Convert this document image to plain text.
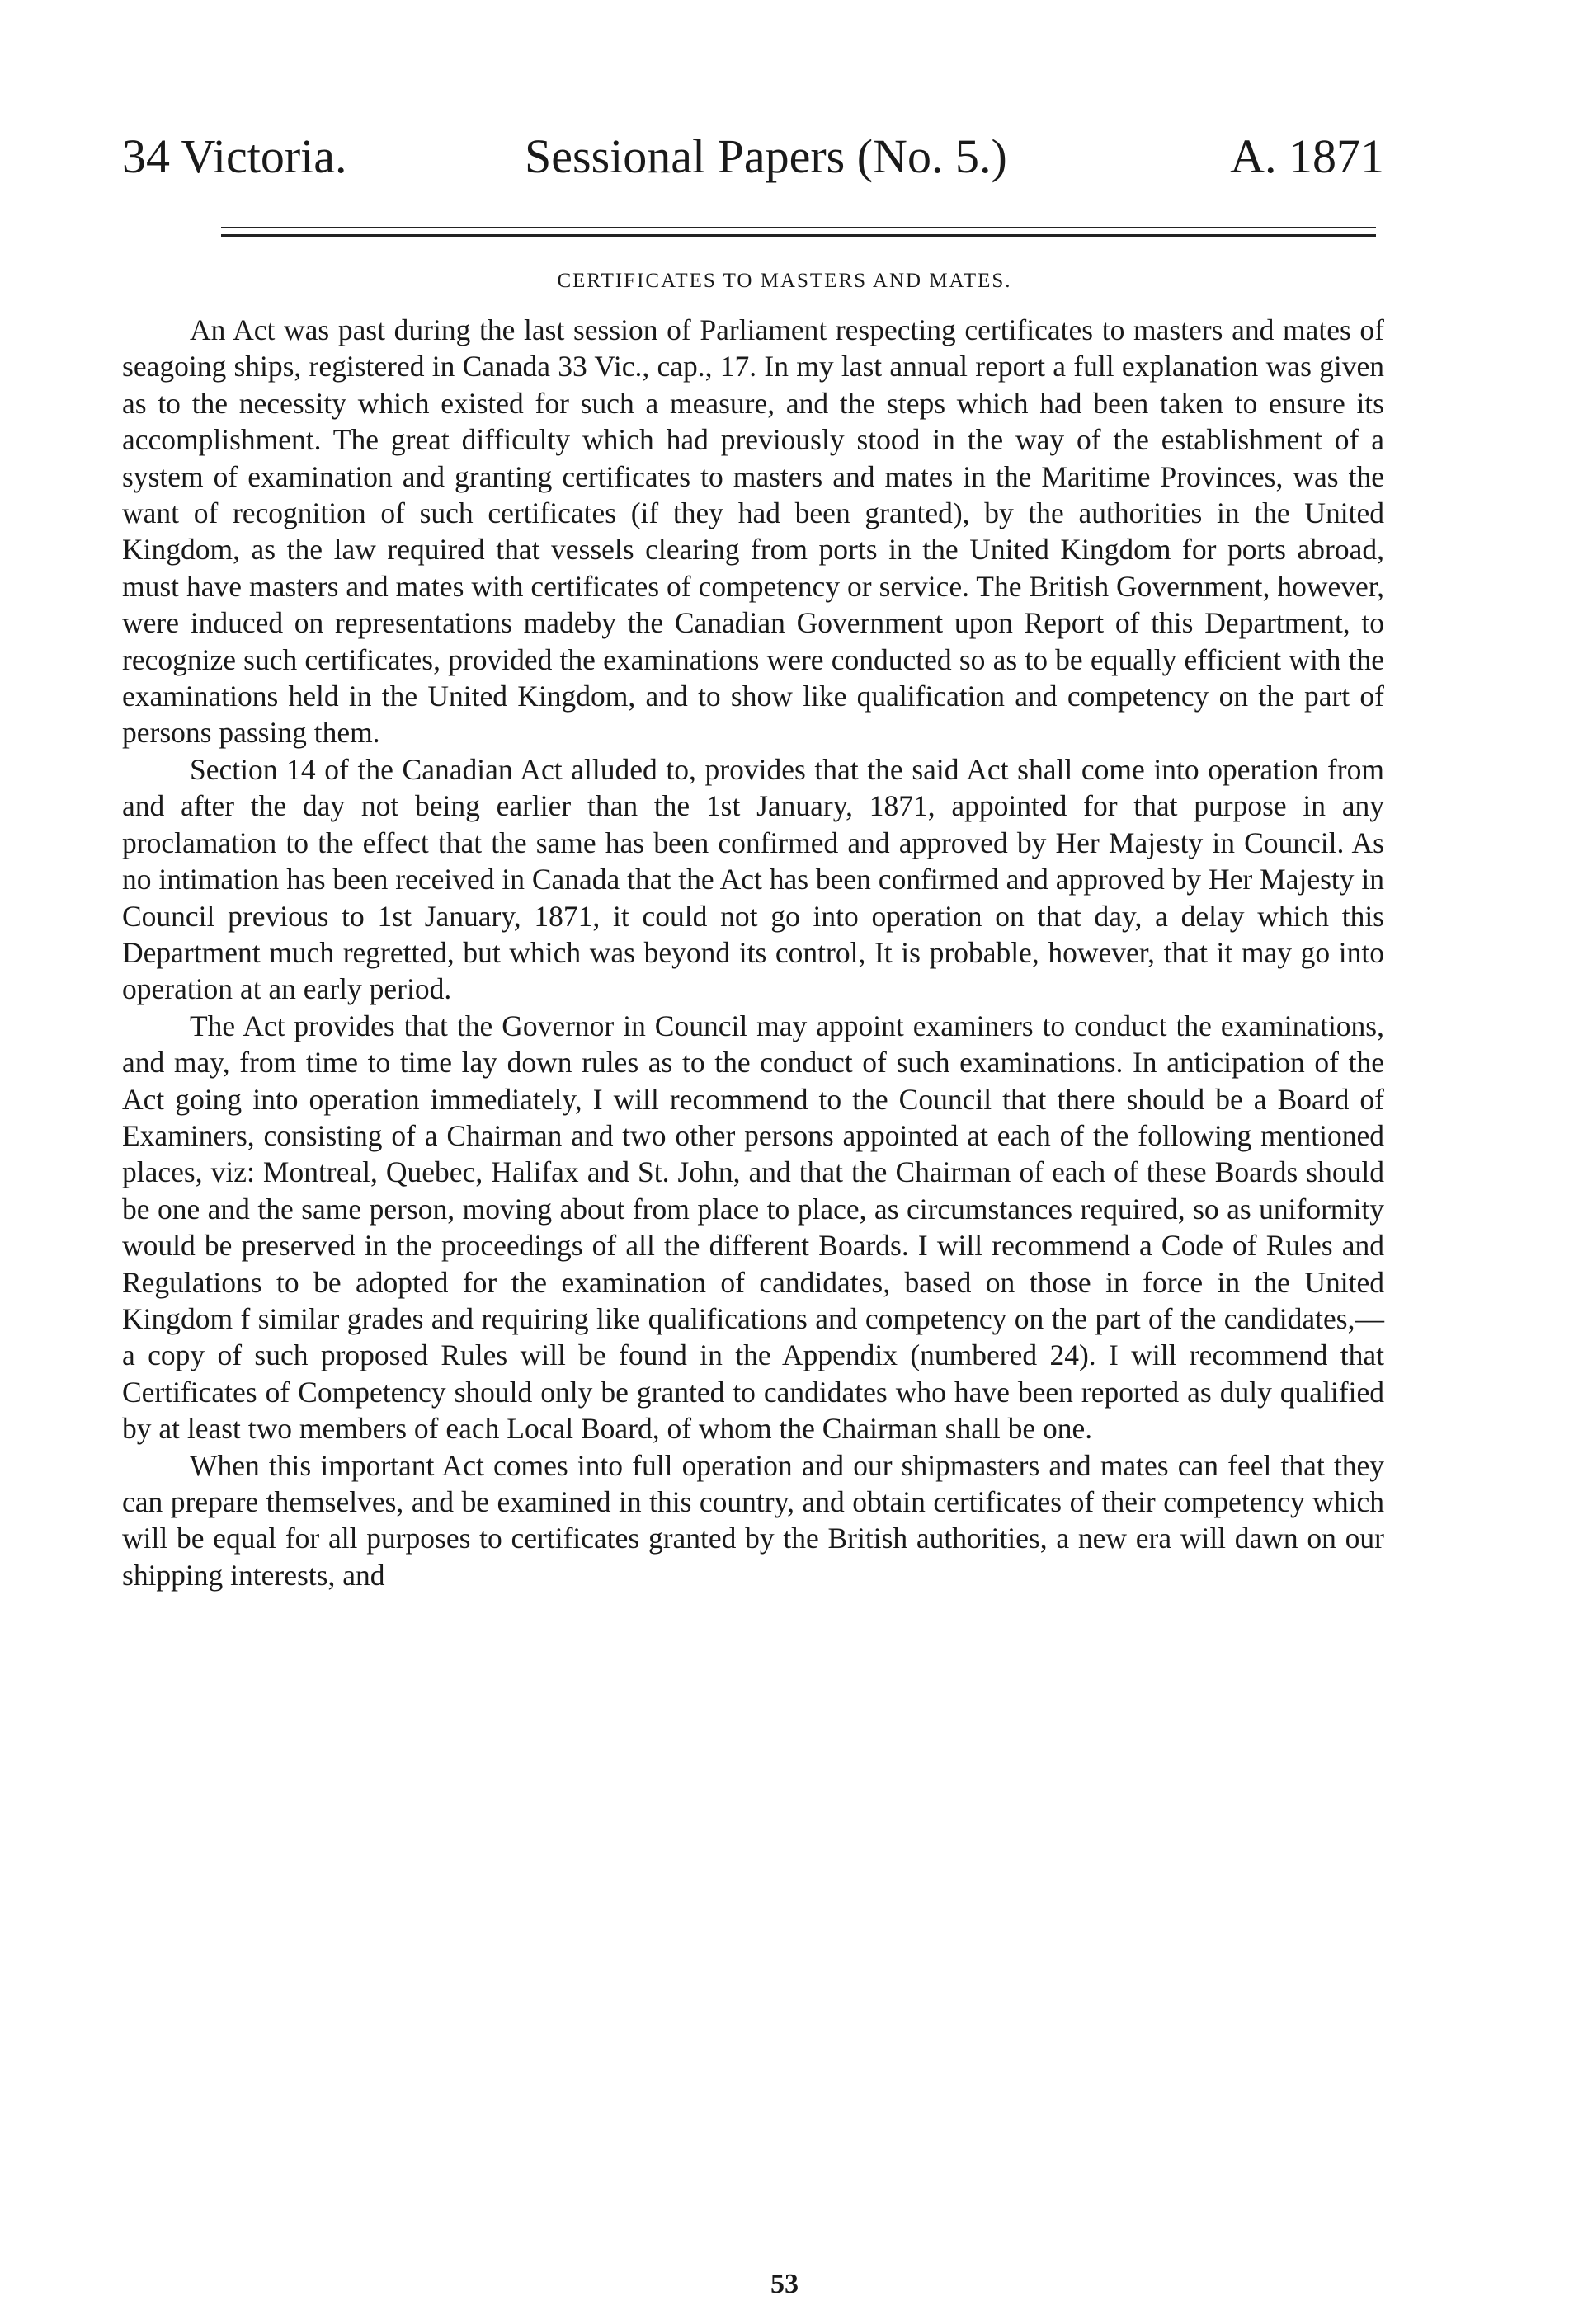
34 Victoria.	Sessional Papers (No. 5.)	A. 1871
CERTIFICATES TO MASTERS AND MATES.

An Act was past during the last session of Parliament respecting certificates to masters and mates of seagoing ships, registered in Canada 33 Vic., cap., 17. In my last annual report a full explanation was given as to the necessity which existed for such a measure, and the steps which had been taken to ensure its accomplishment. The great difficulty which had previously stood in the way of the establishment of a system of examination and granting certificates to masters and mates in the Maritime Provinces, was the want of recognition of such certificates (if they had been granted), by the authorities in the United Kingdom, as the law required that vessels clearing from ports in the United Kingdom for ports abroad, must have masters and mates with certificates of competency or service. The British Government, however, were induced on representations madeby the Canadian Government upon Report of this Department, to recognize such certificates, provided the examinations were conducted so as to be equally efficient with the examinations held in the United Kingdom, and to show like qualification and competency on the part of persons passing them.

Section 14 of the Canadian Act alluded to, provides that the said Act shall come into operation from and after the day not being earlier than the 1st January, 1871, appointed for that purpose in any proclamation to the effect that the same has been confirmed and approved by Her Majesty in Council. As no intimation has been received in Canada that the Act has been confirmed and approved by Her Majesty in Council previous to 1st January, 1871, it could not go into operation on that day, a delay which this Department much regretted, but which was beyond its control, It is probable, however, that it may go into operation at an early period.

The Act provides that the Governor in Council may appoint examiners to conduct the examinations, and may, from time to time lay down rules as to the conduct of such examinations. In anticipation of the Act going into operation immediately, I will recommend to the Council that there should be a Board of Examiners, consisting of a Chairman and two other persons appointed at each of the following mentioned places, viz: Montreal, Quebec, Halifax and St. John, and that the Chairman of each of these Boards should be one and the same person, moving about from place to place, as circumstances required, so as uniformity would be preserved in the proceedings of all the different Boards. I will recommend a Code of Rules and Regulations to be adopted for the examination of candidates, based on those in force in the United Kingdom f similar grades and requiring like qualifications and competency on the part of the candidates,—a copy of such proposed Rules will be found in the Appendix (numbered 24). I will recommend that Certificates of Competency should only be granted to candidates who have been reported as duly qualified by at least two members of each Local Board, of whom the Chairman shall be one.

When this important Act comes into full operation and our shipmasters and mates can feel that they can prepare themselves, and be examined in this country, and obtain certificates of their competency which will be equal for all purposes to certificates granted by the British authorities, a new era will dawn on our shipping interests, and

53
